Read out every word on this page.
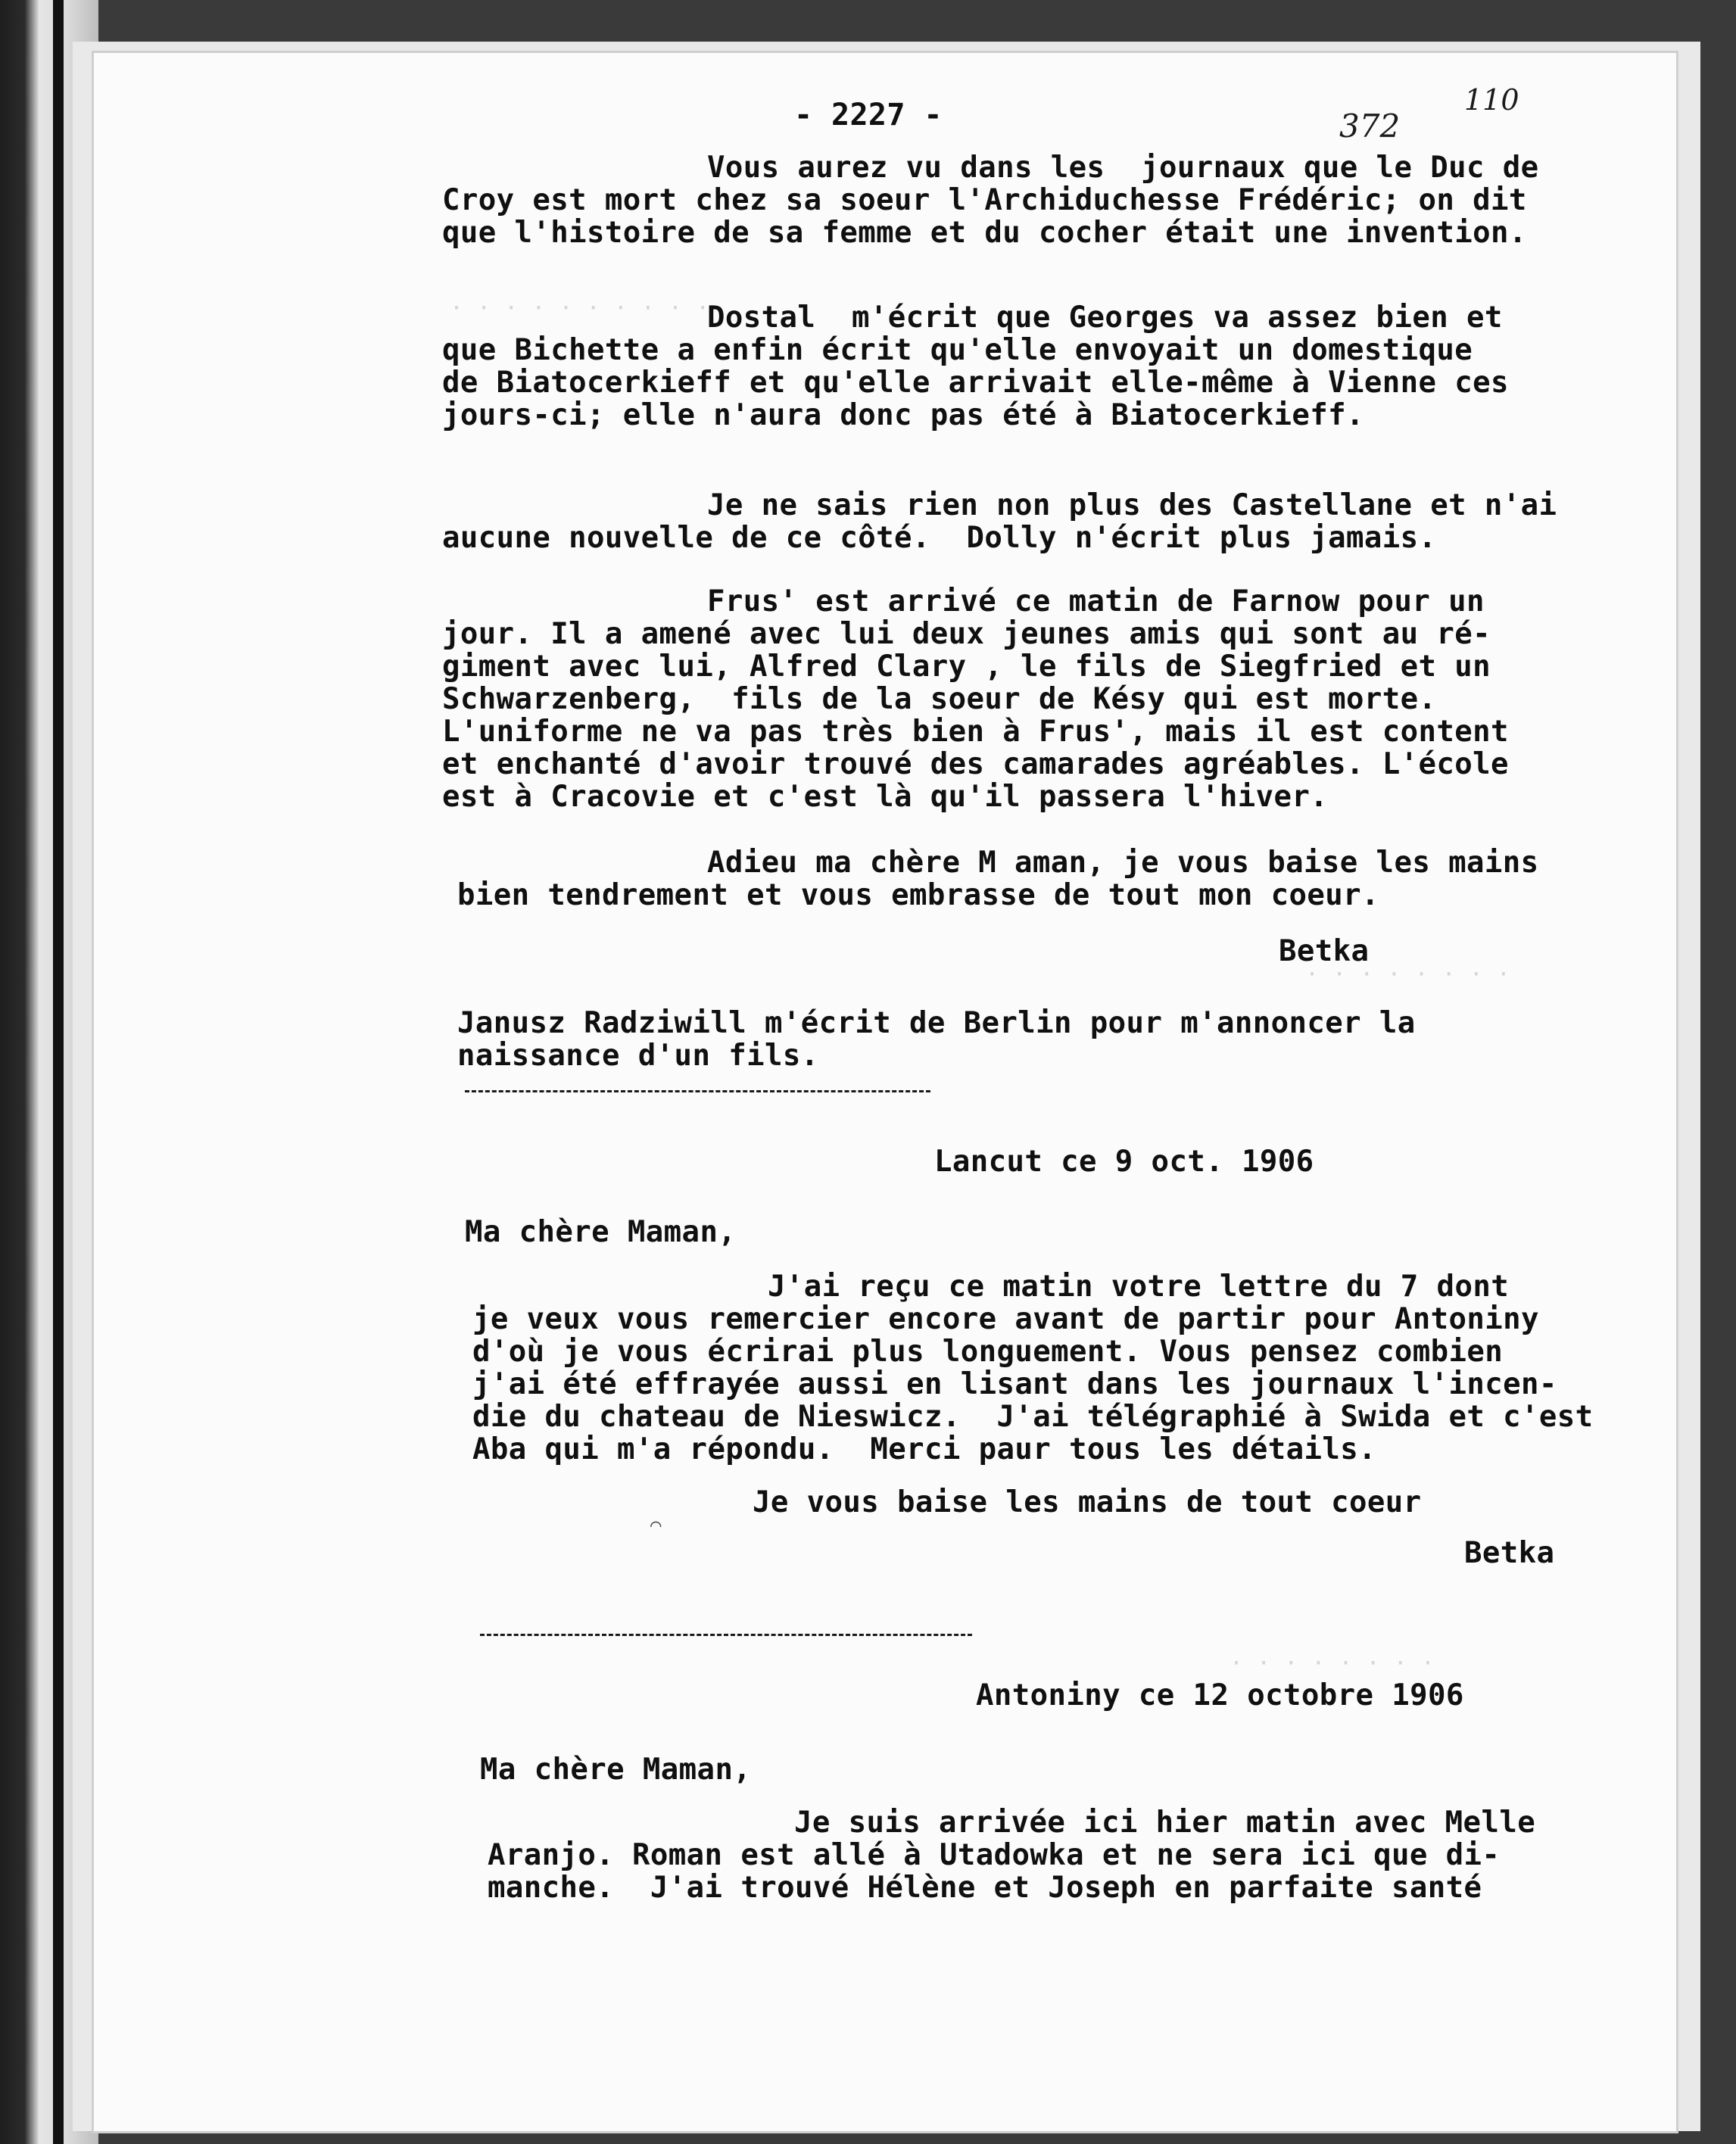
· · · · · · · · · ·
· · · · · · · ·
· · · · · · · ·
- 2227 -	372
110
Vous aurez vu dans les  journaux que le Duc de
Croy est mort chez sa soeur l'Archiduchesse Frédéric; on dit
que l'histoire de sa femme et du cocher était une invention.
Dostal  m'écrit que Georges va assez bien et
que Bichette a enfin écrit qu'elle envoyait un domestique
de Biatocerkieff et qu'elle arrivait elle-même à Vienne ces
jours-ci; elle n'aura donc pas été à Biatocerkieff.
Je ne sais rien non plus des Castellane et n'ai
aucune nouvelle de ce côté.  Dolly n'écrit plus jamais.
Frus' est arrivé ce matin de Farnow pour un
jour. Il a amené avec lui deux jeunes amis qui sont au ré-
giment avec lui, Alfred Clary , le fils de Siegfried et un
Schwarzenberg,  fils de la soeur de Késy qui est morte.
L'uniforme ne va pas très bien à Frus', mais il est content
et enchanté d'avoir trouvé des camarades agréables. L'école
est à Cracovie et c'est là qu'il passera l'hiver.
Adieu ma chère M aman, je vous baise les mains
bien tendrement et vous embrasse de tout mon coeur.
Betka
Janusz Radziwill m'écrit de Berlin pour m'annoncer la
naissance d'un fils.
Lancut ce 9 oct. 1906
Ma chère Maman,
J'ai reçu ce matin votre lettre du 7 dont
je veux vous remercier encore avant de partir pour Antoniny
d'où je vous écrirai plus longuement. Vous pensez combien
j'ai été effrayée aussi en lisant dans les journaux l'incen-
die du chateau de Nieswicz.  J'ai télégraphié à Swida et c'est
Aba qui m'a répondu.  Merci paur tous les détails.
Je vous baise les mains de tout coeur
Betka
⌒
Antoniny ce 12 octobre 1906
Ma chère Maman,
Je suis arrivée ici hier matin avec Melle
Aranjo. Roman est allé à Utadowka et ne sera ici que di-
manche.  J'ai trouvé Hélène et Joseph en parfaite santé
